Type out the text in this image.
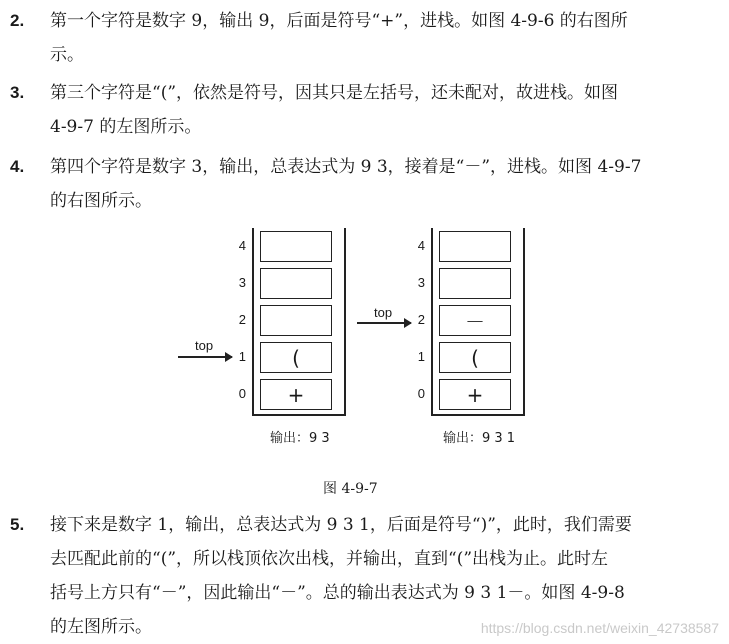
2. 第一个字符是数字 9，输出 9，后面是符号“+”，进栈。如图 4-9-6 的右图所
示。
3. 第三个字符是“(”，依然是符号，因其只是左括号，还未配对，故进栈。如图
4-9-7 的左图所示。
4. 第四个字符是数字 3，输出，总表达式为 9 3，接着是“－”，进栈。如图 4-9-7
的右图所示。
(
+
4
3
2
1
0
输出：9 3
top
－
(
+
4
3
2
1
0
输出：9 3 1
top
图 4-9-7
5. 接下来是数字 1，输出，总表达式为 9 3 1，后面是符号“)”，此时，我们需要
去匹配此前的“(”，所以栈顶依次出栈，并输出，直到“(”出栈为止。此时左
括号上方只有“－”，因此输出“－”。总的输出表达式为 9 3 1－。如图 4-9-8
的左图所示。	https://blog.csdn.net/weixin_42738587
